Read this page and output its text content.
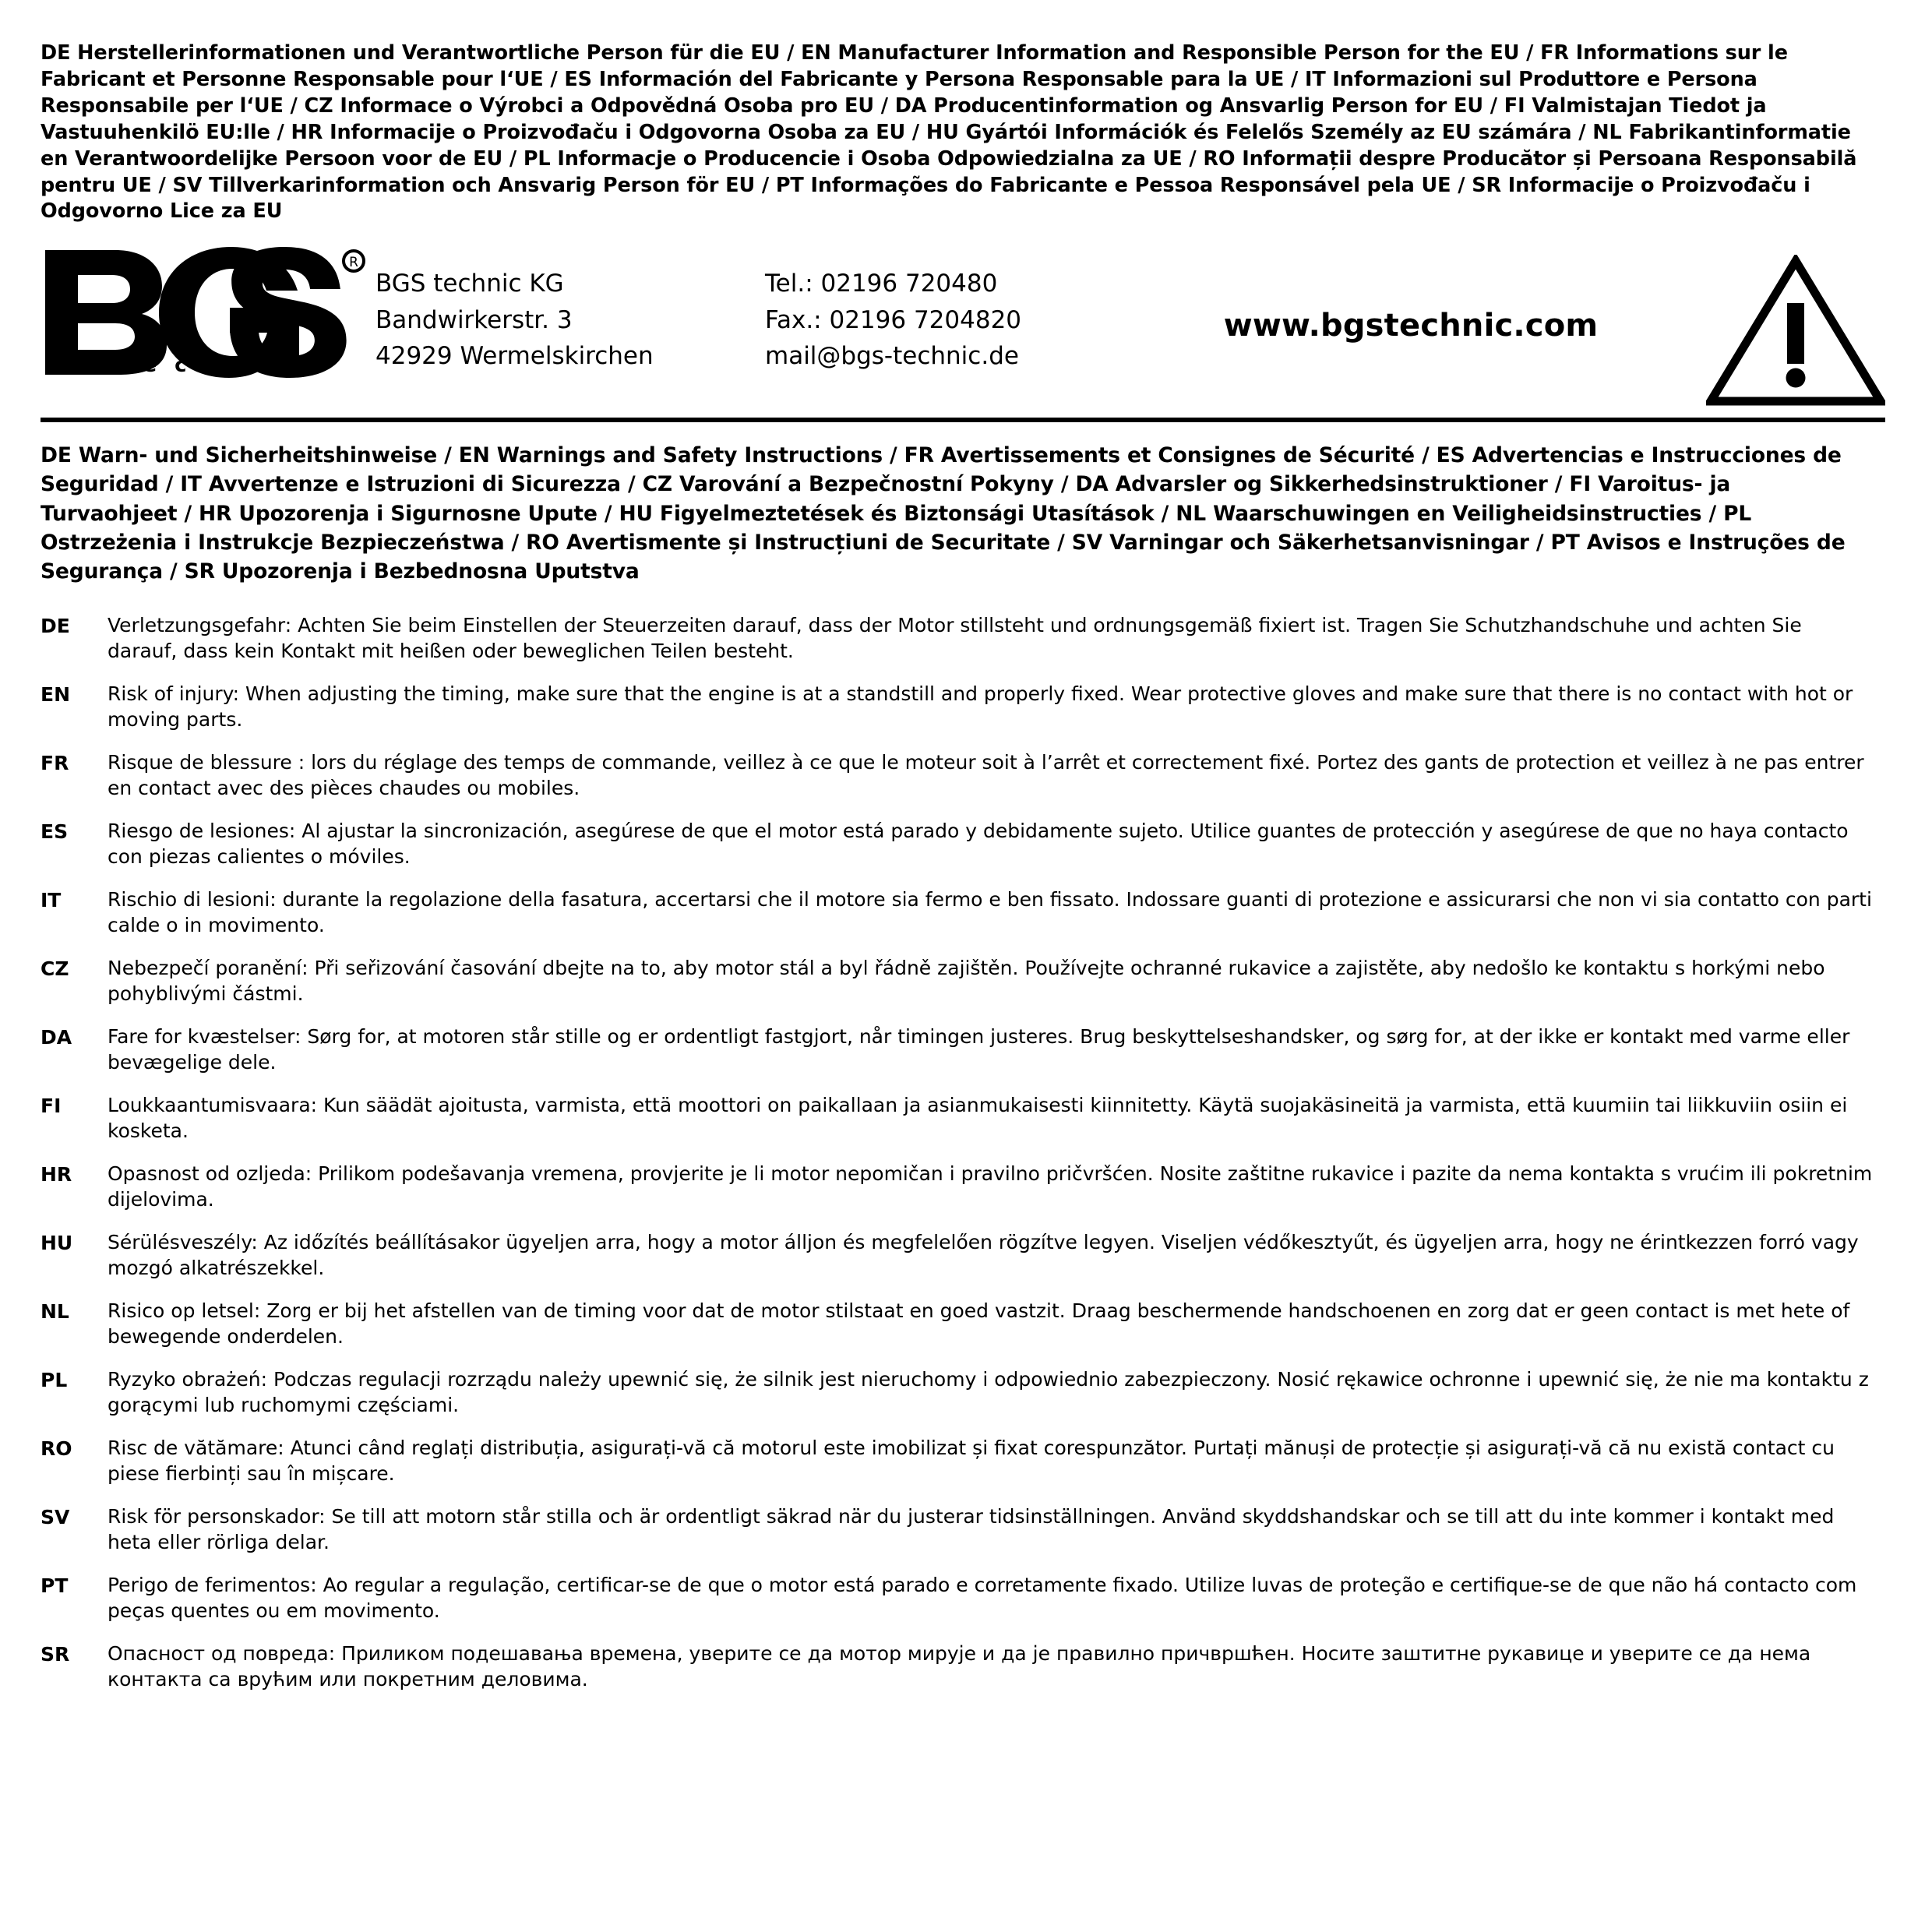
DE Herstellerinformationen und Verantwortliche Person für die EU / EN Manufacturer Information and Responsible Person for the EU / FR Informations sur le Fabricant et Personne Responsable pour l‘UE / ES Información del Fabricante y Persona Responsable para la UE / IT Informazioni sul Produttore e Persona Responsabile per l‘UE / CZ Informace o Výrobci a Odpovědná Osoba pro EU / DA Producentinformation og Ansvarlig Person for EU / FI Valmistajan Tiedot ja Vastuuhenkilö EU:lle / HR Informacije o Proizvođaču i Odgovorna Osoba za EU / HU Gyártói Információk és Felelős Személy az EU számára / NL Fabrikantinformatie en Verantwoordelijke Persoon voor de EU / PL Informacje o Producencie i Osoba Odpowiedzialna za UE / RO Informații despre Producător și Persoana Responsabilă pentru UE / SV Tillverkarinformation och Ansvarig Person för EU / PT Informações do Fabricante e Pessoa Responsável pela UE / SR Informacije o Proizvođaču i Odgovorno Lice za EU
R
t e c h n i c
BGS technic KG
Bandwirkerstr. 3
42929 Wermelskirchen
Tel.: 02196 720480
Fax.: 02196 7204820
mail@bgs-technic.de
www.bgstechnic.com
DE Warn- und Sicherheitshinweise / EN Warnings and Safety Instructions / FR Avertissements et Consignes de Sécurité / ES Advertencias e Instrucciones de Seguridad / IT Avvertenze e Istruzioni di Sicurezza / CZ Varování a Bezpečnostní Pokyny / DA Advarsler og Sikkerhedsinstruktioner / FI Varoitus- ja Turvaohjeet / HR Upozorenja i Sigurnosne Upute / HU Figyelmeztetések és Biztonsági Utasítások / NL Waarschuwingen en Veiligheidsinstructies / PL Ostrzeżenia i Instrukcje Bezpieczeństwa / RO Avertismente și Instrucțiuni de Securitate / SV Varningar och Säkerhetsanvisningar / PT Avisos e Instruções de Segurança / SR Upozorenja i Bezbednosna Uputstva
DE	Verletzungsgefahr: Achten Sie beim Einstellen der Steuerzeiten darauf, dass der Motor stillsteht und ordnungsgemäß fixiert ist. Tragen Sie Schutzhandschuhe und achten Sie darauf, dass kein Kontakt mit heißen oder beweglichen Teilen besteht.
EN	Risk of injury: When adjusting the timing, make sure that the engine is at a standstill and properly fixed. Wear protective gloves and make sure that there is no contact with hot or moving parts.
FR	Risque de blessure : lors du réglage des temps de commande, veillez à ce que le moteur soit à l’arrêt et correctement fixé. Portez des gants de protection et veillez à ne pas entrer en contact avec des pièces chaudes ou mobiles.
ES	Riesgo de lesiones: Al ajustar la sincronización, asegúrese de que el motor está parado y debidamente sujeto. Utilice guantes de protección y asegúrese de que no haya contacto con piezas calientes o móviles.
IT	Rischio di lesioni: durante la regolazione della fasatura, accertarsi che il motore sia fermo e ben fissato. Indossare guanti di protezione e assicurarsi che non vi sia contatto con parti calde o in movimento.
CZ	Nebezpečí poranění: Při seřizování časování dbejte na to, aby motor stál a byl řádně zajištěn. Používejte ochranné rukavice a zajistěte, aby nedošlo ke kontaktu s horkými nebo pohyblivými částmi.
DA	Fare for kvæstelser: Sørg for, at motoren står stille og er ordentligt fastgjort, når timingen justeres. Brug beskyttelseshandsker, og sørg for, at der ikke er kontakt med varme eller bevægelige dele.
FI	Loukkaantumisvaara: Kun säädät ajoitusta, varmista, että moottori on paikallaan ja asianmukaisesti kiinnitetty. Käytä suojakäsineitä ja varmista, että kuumiin tai liikkuviin osiin ei kosketa.
HR	Opasnost od ozljeda: Prilikom podešavanja vremena, provjerite je li motor nepomičan i pravilno pričvršćen. Nosite zaštitne rukavice i pazite da nema kontakta s vrućim ili pokretnim dijelovima.
HU	Sérülésveszély: Az időzítés beállításakor ügyeljen arra, hogy a motor álljon és megfelelően rögzítve legyen. Viseljen védőkesztyűt, és ügyeljen arra, hogy ne érintkezzen forró vagy mozgó alkatrészekkel.
NL	Risico op letsel: Zorg er bij het afstellen van de timing voor dat de motor stilstaat en goed vastzit. Draag beschermende handschoenen en zorg dat er geen contact is met hete of bewegende onderdelen.
PL	Ryzyko obrażeń: Podczas regulacji rozrządu należy upewnić się, że silnik jest nieruchomy i odpowiednio zabezpieczony. Nosić rękawice ochronne i upewnić się, że nie ma kontaktu z gorącymi lub ruchomymi częściami.
RO	Risc de vătămare: Atunci când reglați distribuția, asigurați-vă că motorul este imobilizat și fixat corespunzător. Purtați mănuși de protecție și asigurați-vă că nu există contact cu piese fierbinți sau în mișcare.
SV	Risk för personskador: Se till att motorn står stilla och är ordentligt säkrad när du justerar tidsinställningen. Använd skyddshandskar och se till att du inte kommer i kontakt med heta eller rörliga delar.
PT	Perigo de ferimentos: Ao regular a regulação, certificar-se de que o motor está parado e corretamente fixado. Utilize luvas de proteção e certifique-se de que não há contacto com peças quentes ou em movimento.
SR	Опасност од повреда: Приликом подешавања времена, уверите се да мотор мирује и да је правилно причвршћен. Носите заштитне рукавице и уверите се да нема контакта са врућим или покретним деловима.
